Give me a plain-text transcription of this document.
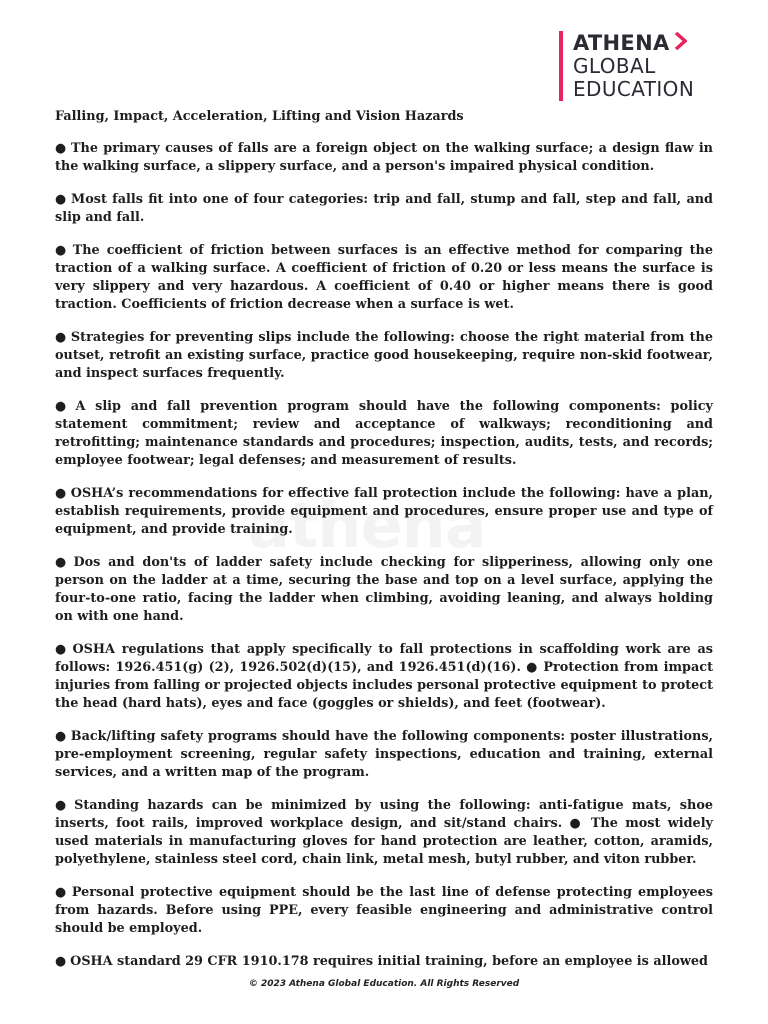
ATHENA
GLOBAL
EDUCATION
Falling, Impact, Acceleration, Lifting and Vision Hazards
● The primary causes of falls are a foreign object on the walking surface; a design flaw in the walking surface, a slippery surface, and a person's impaired physical condition.
● Most falls fit into one of four categories: trip and fall, stump and fall, step and fall, and slip and fall.
● The coefficient of friction between surfaces is an effective method for comparing the traction of a walking surface. A coefficient of friction of 0.20 or less means the surface is very slippery and very hazardous. A coefficient of 0.40 or higher means there is good traction. Coefficients of friction decrease when a surface is wet.
● Strategies for preventing slips include the following: choose the right material from the outset, retrofit an existing surface, practice good housekeeping, require non-skid footwear, and inspect surfaces frequently.
● A slip and fall prevention program should have the following components: policy statement commitment; review and acceptance of walkways; reconditioning and retrofitting; maintenance standards and procedures; inspection, audits, tests, and records; employee footwear; legal defenses; and measurement of results.
● OSHA’s recommendations for effective fall protection include the following: have a plan, establish requirements, provide equipment and procedures, ensure proper use and type of equipment, and provide training.
● Dos and don'ts of ladder safety include checking for slipperiness, allowing only one person on the ladder at a time, securing the base and top on a level surface, applying the four-to-one ratio, facing the ladder when climbing, avoiding leaning, and always holding on with one hand.
● OSHA regulations that apply specifically to fall protections in scaffolding work are as follows: 1926.451(g) (2), 1926.502(d)(15), and 1926.451(d)(16). ● Protection from impact injuries from falling or projected objects includes personal protective equipment to protect the head (hard hats), eyes and face (goggles or shields), and feet (footwear).
● Back/lifting safety programs should have the following components: poster illustrations, pre-employment screening, regular safety inspections, education and training, external services, and a written map of the program.
● Standing hazards can be minimized by using the following: anti-fatigue mats, shoe inserts, foot rails, improved workplace design, and sit/stand chairs. ● The most widely used materials in manufacturing gloves for hand protection are leather, cotton, aramids, polyethylene, stainless steel cord, chain link, metal mesh, butyl rubber, and viton rubber.
● Personal protective equipment should be the last line of defense protecting employees from hazards. Before using PPE, every feasible engineering and administrative control should be employed.
● OSHA standard 29 CFR 1910.178 requires initial training, before an employee is allowed
© 2023 Athena Global Education. All Rights Reserved
